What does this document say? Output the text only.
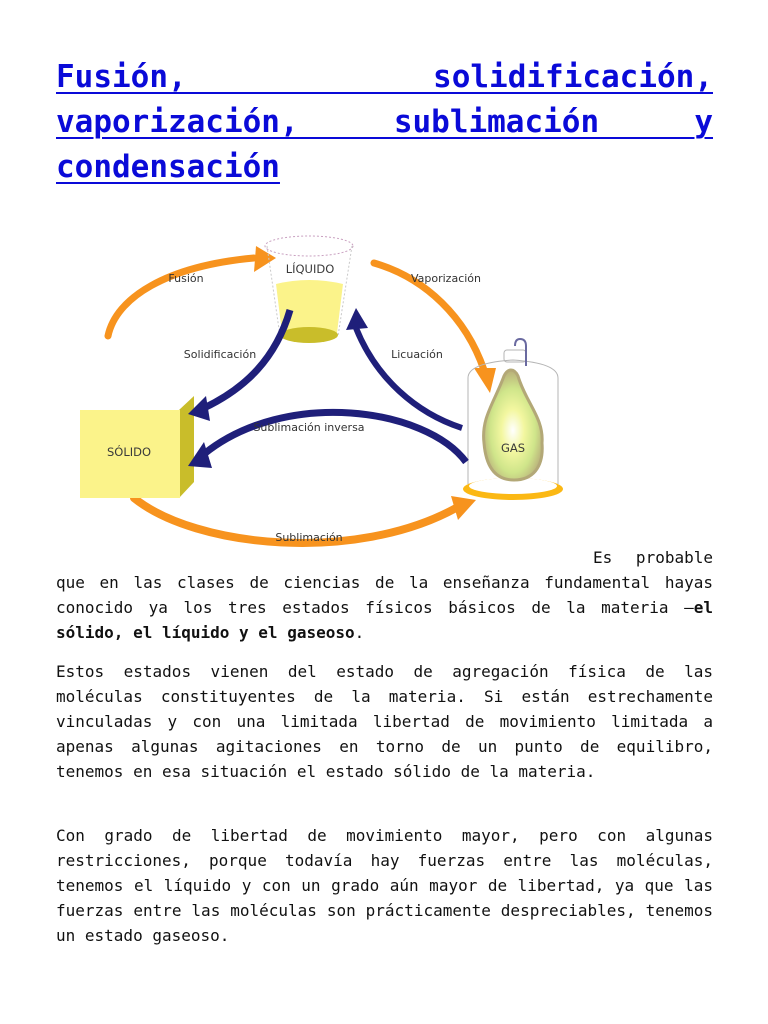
Fusión, solidificación, vaporización, sublimación y condensación
LÍQUIDO
SÓLIDO	GAS
Fusión	Vaporización
Solidificación	Licuación
Sublimación inversa
Sublimación

Es probable que en las clases de ciencias de la enseñanza fundamental hayas conocido ya los tres estados físicos básicos de la materia –el sólido, el líquido y el gaseoso.

Estos estados vienen del estado de agregación física de las moléculas constituyentes de la materia. Si están estrechamente vinculadas y con una limitada libertad de movimiento limitada a apenas algunas agitaciones en torno de un punto de equilibro, tenemos en esa situación el estado sólido de la materia.

Con grado de libertad de movimiento mayor, pero con algunas restricciones, porque todavía hay fuerzas entre las moléculas, tenemos el líquido y con un grado aún mayor de libertad, ya que las fuerzas entre las moléculas son prácticamente despreciables, tenemos un estado gaseoso.
